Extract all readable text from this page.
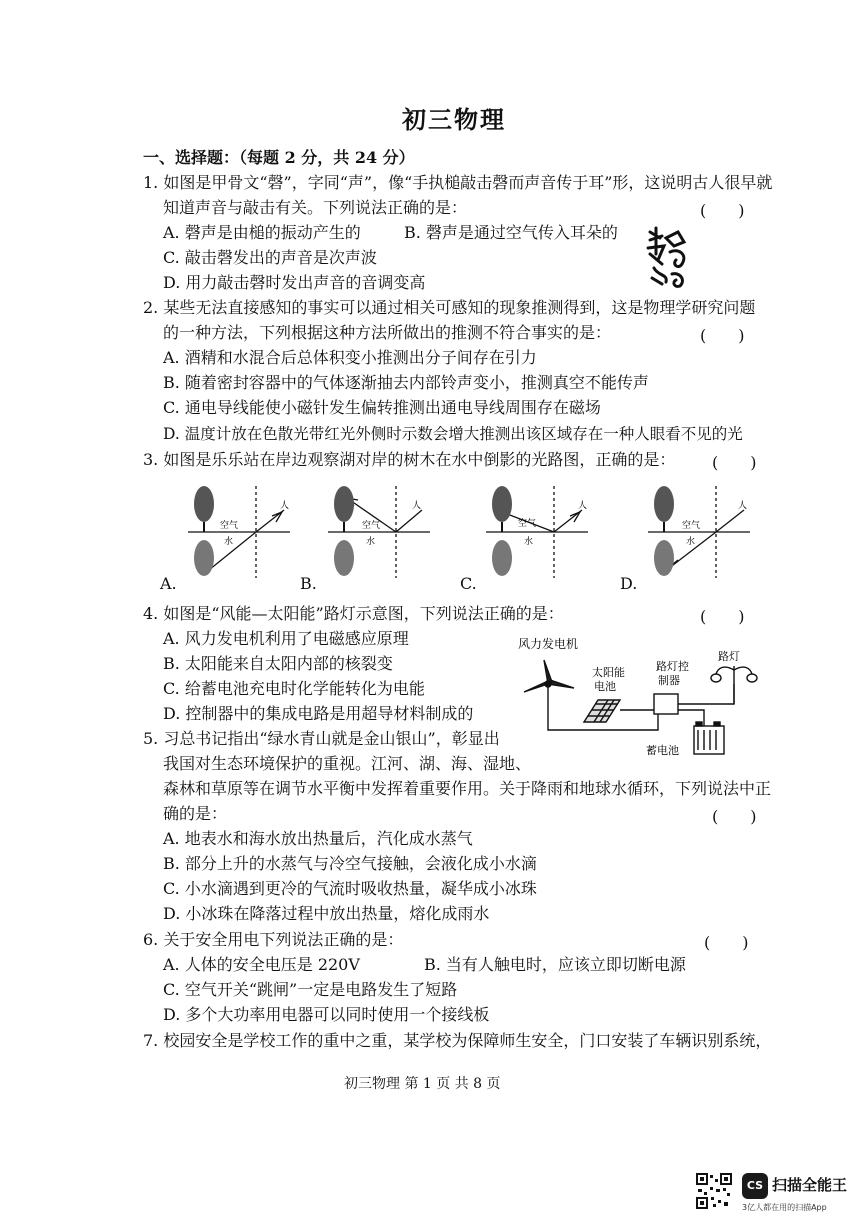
初三物理
一、选择题：（每题 2 分，共 24 分）
1. 如图是甲骨文“磬”，字同“声”，像“手执槌敲击磬而声音传于耳”形，这说明古人很早就
知道声音与敲击有关。下列说法正确的是：	(　　)
A. 磬声是由槌的振动产生的	B. 磬声是通过空气传入耳朵的
C. 敲击磬发出的声音是次声波
D. 用力敲击磬时发出声音的音调变高
2. 某些无法直接感知的事实可以通过相关可感知的现象推测得到，这是物理学研究问题
的一种方法，下列根据这种方法所做出的推测不符合事实的是：	(　　)
A. 酒精和水混合后总体积变小推测出分子间存在引力
B. 随着密封容器中的气体逐渐抽去内部铃声变小，推测真空不能传声
C. 通电导线能使小磁针发生偏转推测出通电导线周围存在磁场
D. 温度计放在色散光带红光外侧时示数会增大推测出该区域存在一种人眼看不见的光
3. 如图是乐乐站在岸边观察湖对岸的树木在水中倒影的光路图，正确的是： (　　)
空气
水
人
A.
空气
水
人
B.
空气
水
人
C.
空气
水
人
D.
4. 如图是“风能—太阳能”路灯示意图，下列说法正确的是：	(　　)
A. 风力发电机利用了电磁感应原理
B. 太阳能来自太阳内部的核裂变
C. 给蓄电池充电时化学能转化为电能
D. 控制器中的集成电路是用超导材料制成的
风力发电机
太阳能
电池
路灯控
制器
路灯
蓄电池
5. 习总书记指出“绿水青山就是金山银山”，彰显出
我国对生态环境保护的重视。江河、湖、海、湿地、
森林和草原等在调节水平衡中发挥着重要作用。关于降雨和地球水循环，下列说法中正
确的是：	(　　)
A. 地表水和海水放出热量后，汽化成水蒸气
B. 部分上升的水蒸气与冷空气接触，会液化成小水滴
C. 小水滴遇到更冷的气流时吸收热量，凝华成小冰珠
D. 小冰珠在降落过程中放出热量，熔化成雨水
6. 关于安全用电下列说法正确的是：	(　　)
A. 人体的安全电压是 220V	B. 当有人触电时，应该立即切断电源
C. 空气开关“跳闸”一定是电路发生了短路
D. 多个大功率用电器可以同时使用一个接线板
7. 校园安全是学校工作的重中之重，某学校为保障师生安全，门口安装了车辆识别系统，
初三物理 第 1 页 共 8 页
CS 扫描全能王
3亿人都在用的扫描App
